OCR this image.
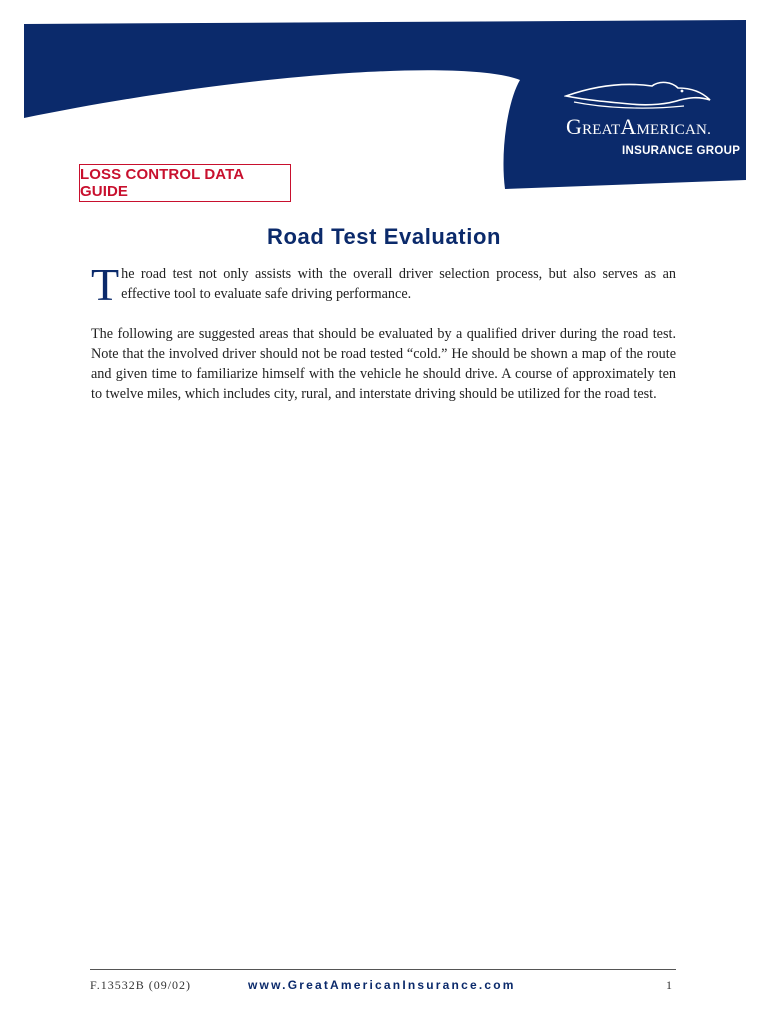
GREATAMERICAN.
INSURANCE GROUP
LOSS CONTROL DATA GUIDE
Road Test Evaluation
T he road test not only assists with the overall driver selection process, but also serves as an effective tool to evaluate safe driving performance.

The following are suggested areas that should be evaluated by a qualified driver during the road test. Note that the involved driver should not be road tested “cold.” He should be shown a map of the route and given time to familiarize himself with the vehicle he should drive. A course of approximately ten to twelve miles, which includes city, rural, and interstate driving should be utilized for the road test.

F.13532B (09/02)	www.GreatAmericanInsurance.com	1
